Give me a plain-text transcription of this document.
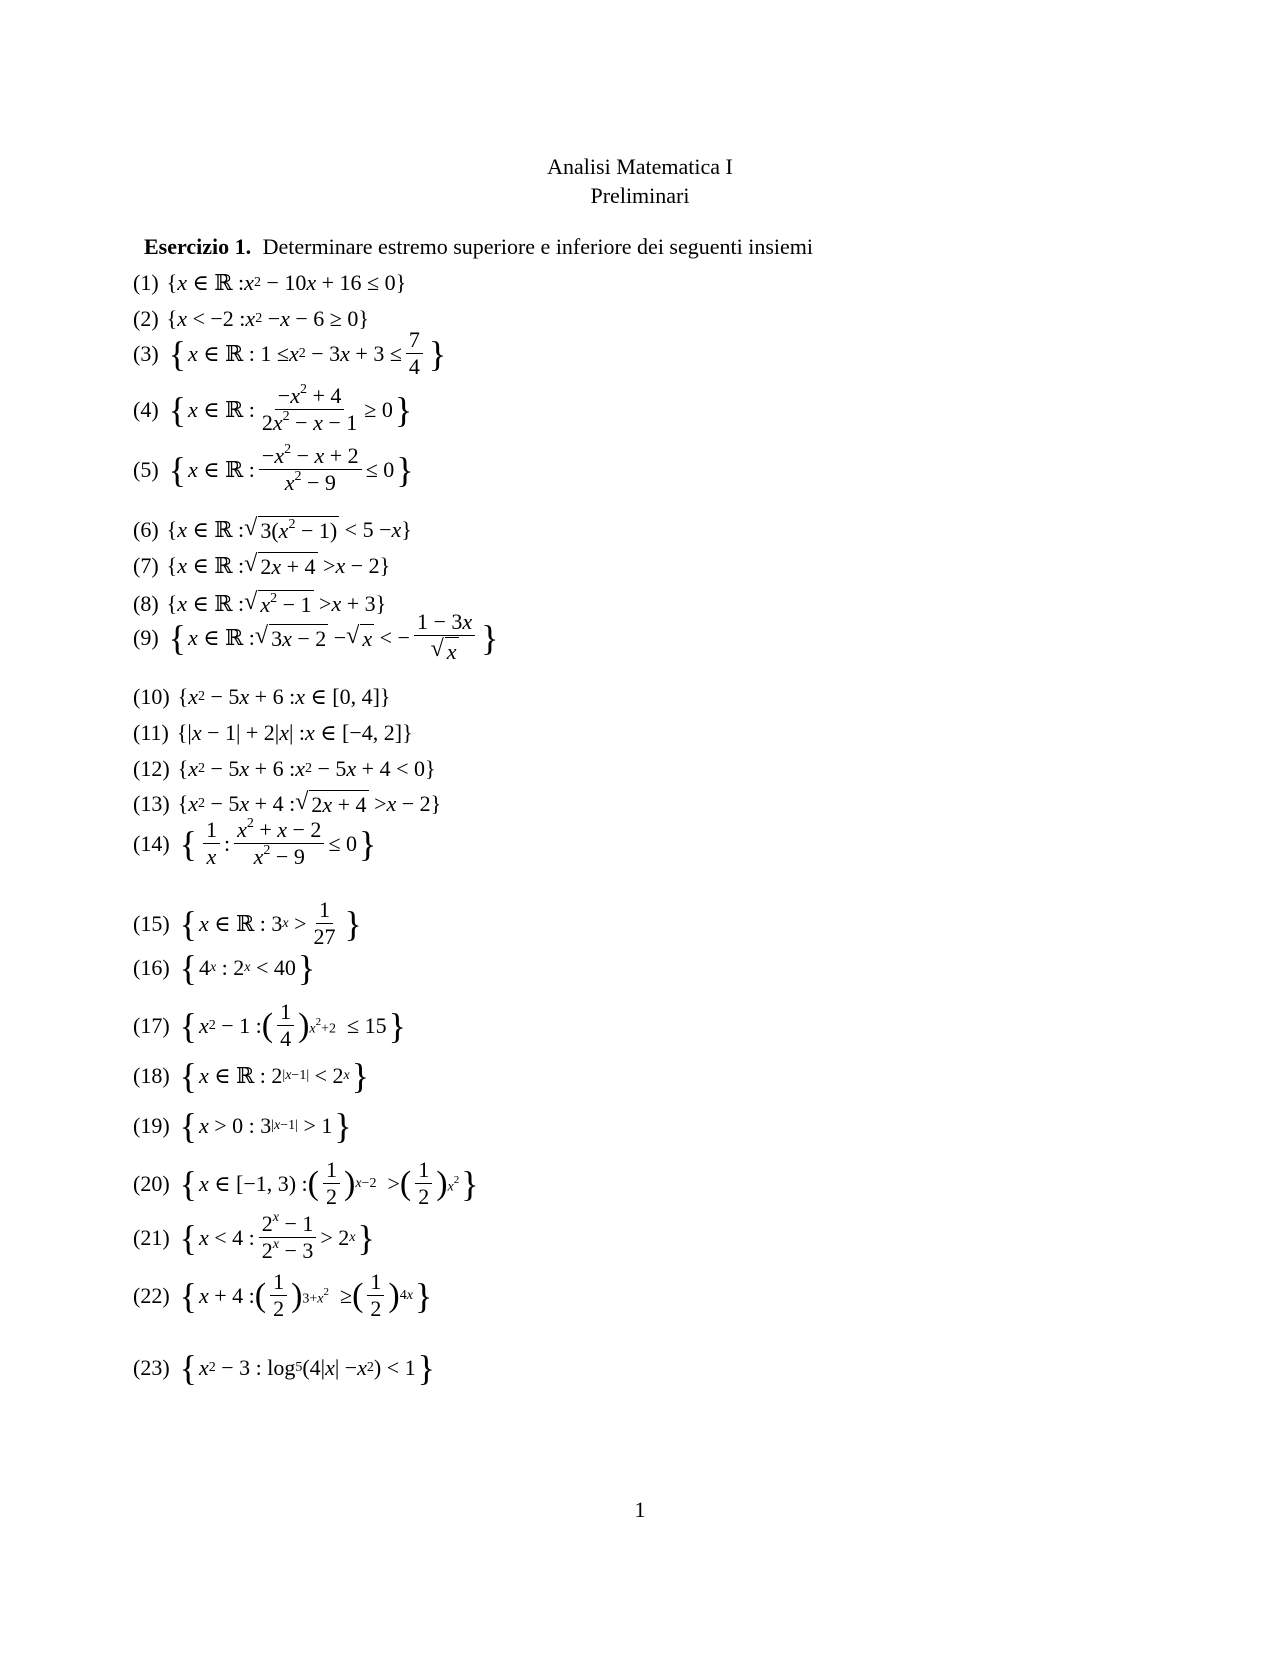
Analisi Matematica I
Preliminari
Esercizio 1. Determinare estremo superiore e inferiore dei seguenti insiemi
(1) { x ∈ ℝ : x 2 − 10 x + 16 ≤ 0}
(2) { x < −2 : x 2 − x − 6 ≥ 0}
(3) { x ∈ ℝ : 1 ≤ x 2 − 3 $x + 3 \le \frac{7}{4}$ }
(4) { x ∈ ℝ : $\frac{-x^2 + 4}{2x^2 - x - 1} \ge 0$ }
(5) { x ∈ ℝ : $\frac{-x^2 - x + 2}{x^2 - 9} \le 0$ }
(6) { x ∈ ℝ : √ $3(x^2 - 1) < 5 - x$ }
(7) { x ∈ ℝ : √ 2x + 4 > x − 2}
(8) { x ∈ ℝ : √ $x^2 - 1 > x + 3$}
(9) { x ∈ ℝ : √ 3x − 2 − √ x < − $\frac{1 - 3x}{√ x}$ }
(10) { x 2 − 5 x + 6 : x ∈ [0, 4]}
(11) {| x − 1| + 2| x | : x ∈ [−4, 2]}
(12) { x 2 − 5 x + 6 : x 2 − 5 x + 4 < 0}
(13) { x 2 − 5 x + 4 : √ 2x + 4 > x − 2}
(14) { $\frac{1}{x}$ : $\frac{x^2 + x - 2}{x^2 - 9} \le 0$ }
(15) { x ∈ ℝ : 3 $x > \frac{1}{27}$ }
(16) { 4 x : 2 x < 40 }
(17) { x 2 − 1 : ( $\frac{1}{4}$ ) $x^2+2 \le 15$ }
(18) { x ∈ ℝ : 2 |x−1| < 2 x }
(19) { x > 0 : 3 |x−1| > 1 }
(20) { x ∈ [−1, 3) : ( $\frac{1}{2}$ ) x−2 > ( $\frac{1}{2}$ ) $x^2$ }
(21) { x < 4 : $\frac{2^x - 1}{2^x - 3} > 2$ x }
(22) { x + 4 : ( $\frac{1}{2}$ ) $3+x^2$ ≥ ( $\frac{1}{2}$ ) 4x }
(23) { x 2 − 3 : log 5 (4| x | − x 2 ) < 1 }
1
